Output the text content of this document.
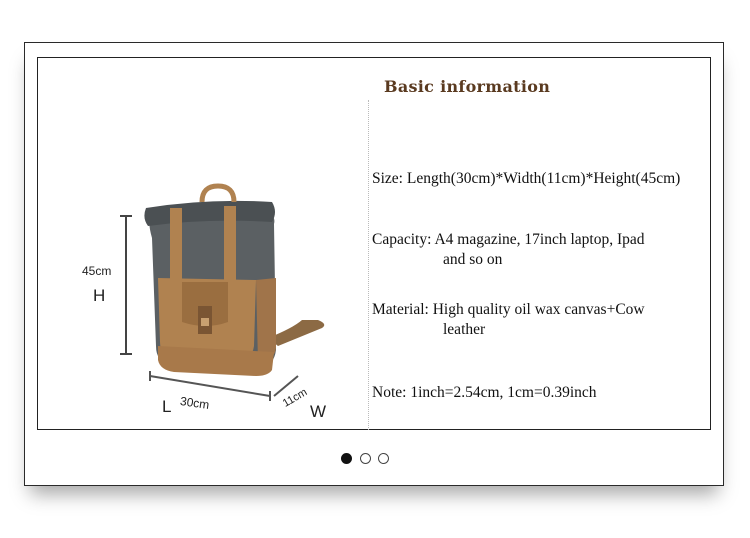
45cm
H
L 30cm	11cm
W
Basic information
Size: Length(30cm)*Width(11cm)*Height(45cm)
Capacity: A4 magazine, 17inch laptop, Ipad
and so on
Material: High quality oil wax canvas+Cow
leather
Note: 1inch=2.54cm, 1cm=0.39inch
